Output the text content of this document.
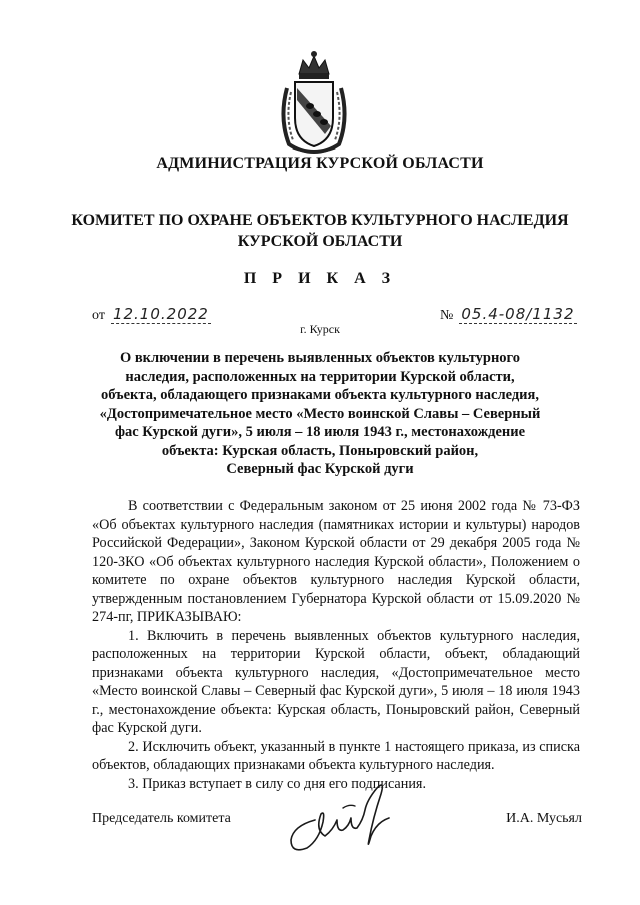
АДМИНИСТРАЦИЯ КУРСКОЙ ОБЛАСТИ
КОМИТЕТ ПО ОХРАНЕ ОБЪЕКТОВ КУЛЬТУРНОГО НАСЛЕДИЯ
КУРСКОЙ ОБЛАСТИ
П Р И К А З
от 12.10.2022	№ 05.4-08/1132
г. Курск
О включении в перечень выявленных объектов культурного
наследия, расположенных на территории Курской области,
объекта, обладающего признаками объекта культурного наследия,
«Достопримечательное место «Место воинской Славы – Северный
фас Курской дуги», 5 июля – 18 июля 1943 г., местонахождение
объекта: Курская область, Поныровский район,
Северный фас Курской дуги

В соответствии с Федеральным законом от 25 июня 2002 года № 73-ФЗ «Об объектах культурного наследия (памятниках истории и культуры) народов Российской Федерации», Законом Курской области от 29 декабря 2005 года № 120-ЗКО «Об объектах культурного наследия Курской области», Положением о комитете по охране объектов культурного наследия Курской области, утвержденным постановлением Губернатора Курской области от 15.09.2020 № 274-пг, ПРИКАЗЫВАЮ:

1. Включить в перечень выявленных объектов культурного наследия, расположенных на территории Курской области, объект, обладающий признаками объекта культурного наследия, «Достопримечательное место «Место воинской Славы – Северный фас Курской дуги», 5 июля – 18 июля 1943 г., местонахождение объекта: Курская область, Поныровский район, Северный фас Курской дуги.

2. Исключить объект, указанный в пункте 1 настоящего приказа, из списка объектов, обладающих признаками объекта культурного наследия.

3. Приказ вступает в силу со дня его подписания.

Председатель комитета	И.А. Мусьял
